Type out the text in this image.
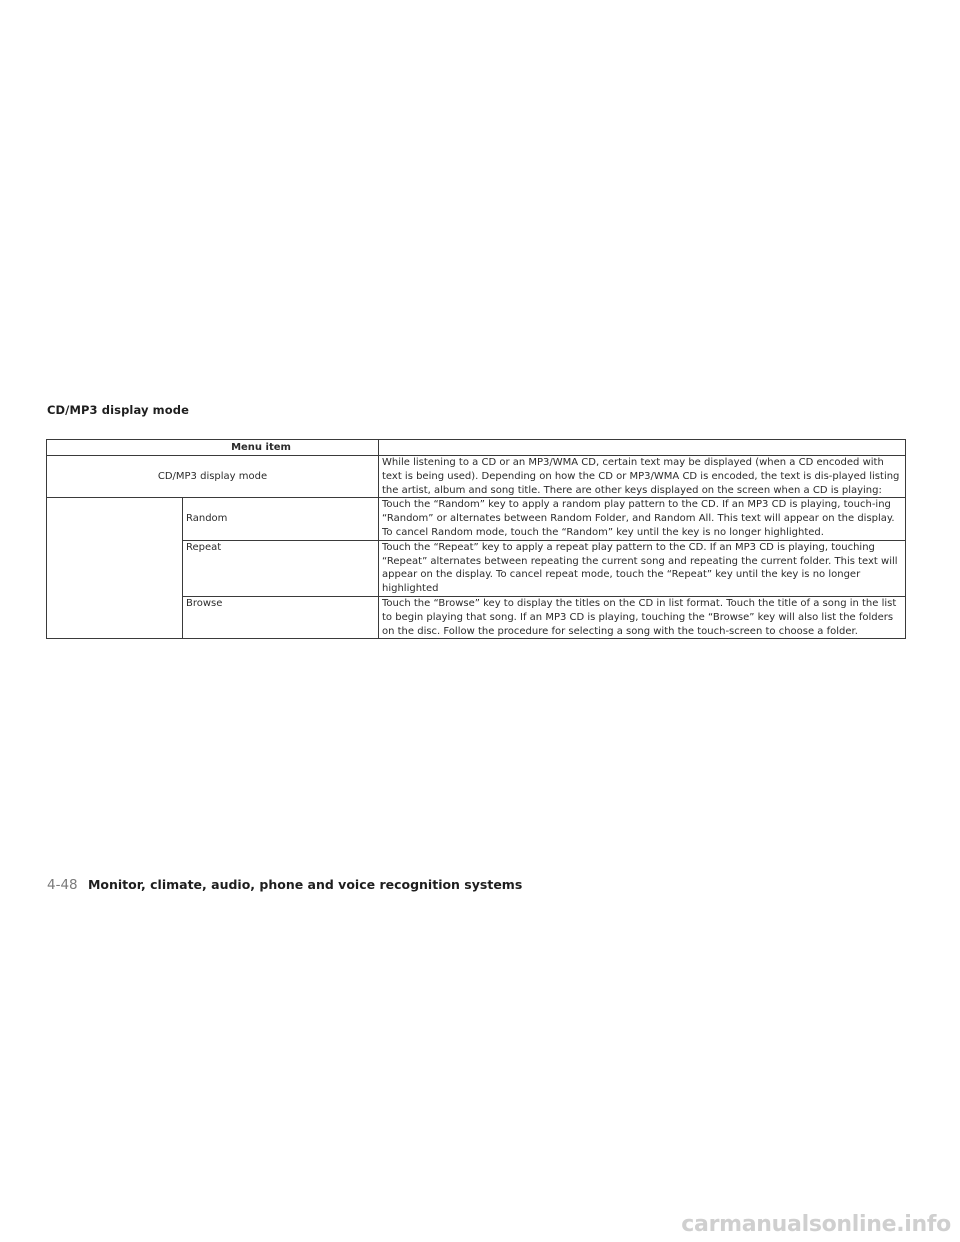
CD/MP3 display mode
Menu item		
CD/MP3 display mode		While listening to a CD or an MP3/WMA CD, certain text may be displayed (when a CD encoded with text is being used). Depending on how the CD or MP3/WMA CD is encoded, the text is dis-played listing the artist, album and song title. There are other keys displayed on the screen when a CD is playing:
	Random	Touch the “Random” key to apply a random play pattern to the CD. If an MP3 CD is playing, touch-ing “Random” or alternates between Random Folder, and Random All. This text will appear on the display. To cancel Random mode, touch the “Random” key until the key is no longer highlighted.
	Repeat	Touch the “Repeat” key to apply a repeat play pattern to the CD. If an MP3 CD is playing, touching “Repeat” alternates between repeating the current song and repeating the current folder. This text will appear on the display. To cancel repeat mode, touch the “Repeat” key until the key is no longer highlighted
	Browse	Touch the “Browse” key to display the titles on the CD in list format. Touch the title of a song in the list to begin playing that song. If an MP3 CD is playing, touching the “Browse” key will also list the folders on the disc. Follow the procedure for selecting a song with the touch-screen to choose a folder.
4-48 Monitor, climate, audio, phone and voice recognition systems
carmanualsonline.info
